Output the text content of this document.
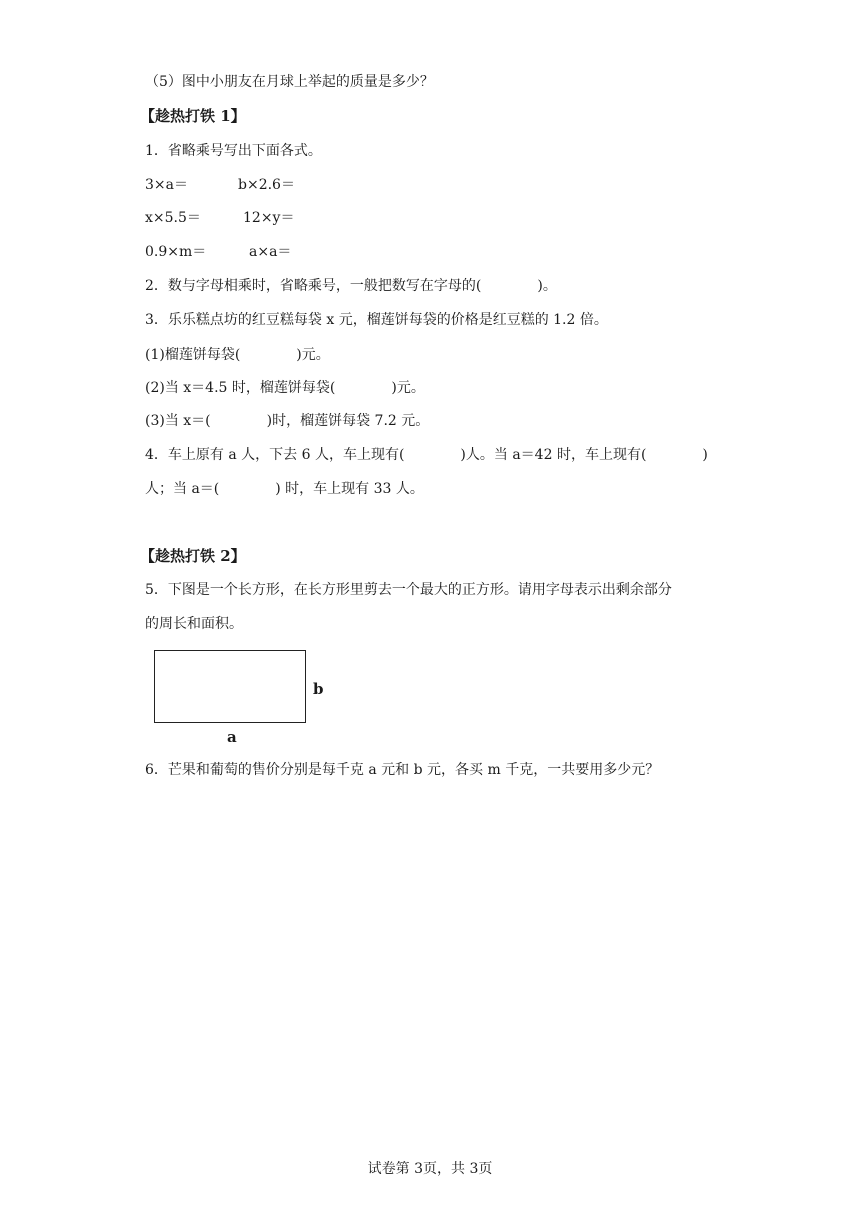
（5）图中小朋友在月球上举起的质量是多少？
【趁热打铁 1】
1．省略乘号写出下面各式。
3×a＝	b×2.6＝
x×5.5＝	12×y＝
0.9×m＝	a×a＝
2．数与字母相乘时，省略乘号，一般把数写在字母的(　　　　)。
3．乐乐糕点坊的红豆糕每袋 x 元，榴莲饼每袋的价格是红豆糕的 1.2 倍。
(1)榴莲饼每袋(　　　　)元。
(2)当 x＝4.5 时，榴莲饼每袋(　　　　)元。
(3)当 x＝(　　　　)时，榴莲饼每袋 7.2 元。
4．车上原有 a 人，下去 6 人，车上现有(　　　　)人。当 a＝42 时，车上现有(　　　　)
人；当 a＝(　　　　) 时，车上现有 33 人。
【趁热打铁 2】
5．下图是一个长方形，在长方形里剪去一个最大的正方形。请用字母表示出剩余部分
的周长和面积。
b
a
6．芒果和葡萄的售价分别是每千克 a 元和 b 元，各买 m 千克，一共要用多少元？
试卷第 3页，共 3页
